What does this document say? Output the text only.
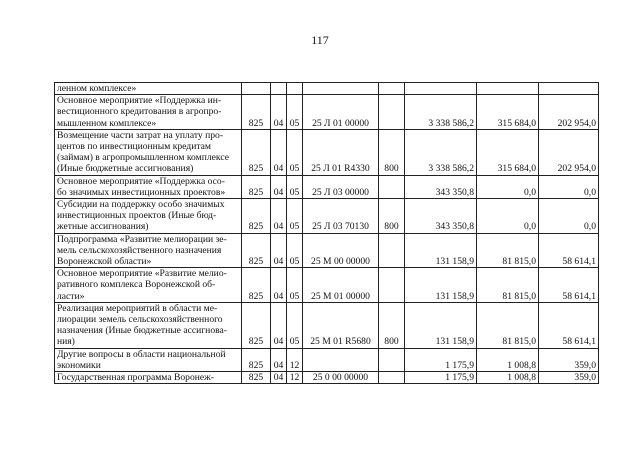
117
ленном комплексе»								

Основное мероприятие «Поддержка ин-
вестиционного кредитования в агропро-
мышленном комплексе»	825	04	05	25 Л 01 00000		3 338 586,2	315 684,0	202 954,0

Возмещение части затрат на уплату про-
центов по инвестиционным кредитам
(займам) в агропромышленном комплексе
(Иные бюджетные ассигнования)	825	04	05	25 Л 01 R4330	800	3 338 586,2	315 684,0	202 954,0

Основное мероприятие «Поддержка осо-
бо значимых инвестиционных проектов»	825	04	05	25 Л 03 00000		343 350,8	0,0	0,0

Субсидии на поддержку особо значимых
инвестиционных проектов (Иные бюд-
жетные ассигнования)	825	04	05	25 Л 03 70130	800	343 350,8	0,0	0,0

Подпрограмма «Развитие мелиорации зе-
мель сельскохозяйственного назначения
Воронежской области»	825	04	05	25 М 00 00000		131 158,9	81 815,0	58 614,1

Основное мероприятие «Развитие мелио-
ративного комплекса Воронежской об-
ласти»	825	04	05	25 М 01 00000		131 158,9	81 815,0	58 614,1

Реализация мероприятий в области ме-
лиорации земель сельскохозяйственного
назначения (Иные бюджетные ассигнова-
ния)	825	04	05	25 М 01 R5680	800	131 158,9	81 815,0	58 614,1

Другие вопросы в области национальной
экономики	825	04	12			1 175,9	1 008,8	359,0

Государственная программа Воронеж-	825	04	12	25 0 00 00000		1 175,9	1 008,8	359,0
